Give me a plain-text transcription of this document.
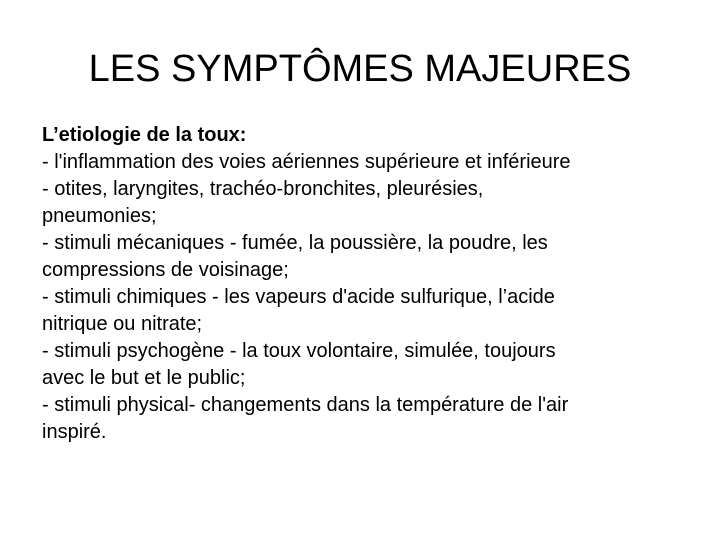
LES SYMPTÔMES MAJEURES

L’etiologie de la toux:

- l'inflammation des voies aériennes supérieure et inférieure
- otites, laryngites, trachéo-bronchites, pleurésies,
pneumonies;
- stimuli mécaniques - fumée, la poussière, la poudre, les
compressions de voisinage;
- stimuli chimiques - les vapeurs d'acide sulfurique, l’acide
nitrique ou nitrate;
- stimuli psychogène - la toux volontaire, simulée, toujours
avec le but et le public;
- stimuli physical- changements dans la température de l'air
inspiré.
